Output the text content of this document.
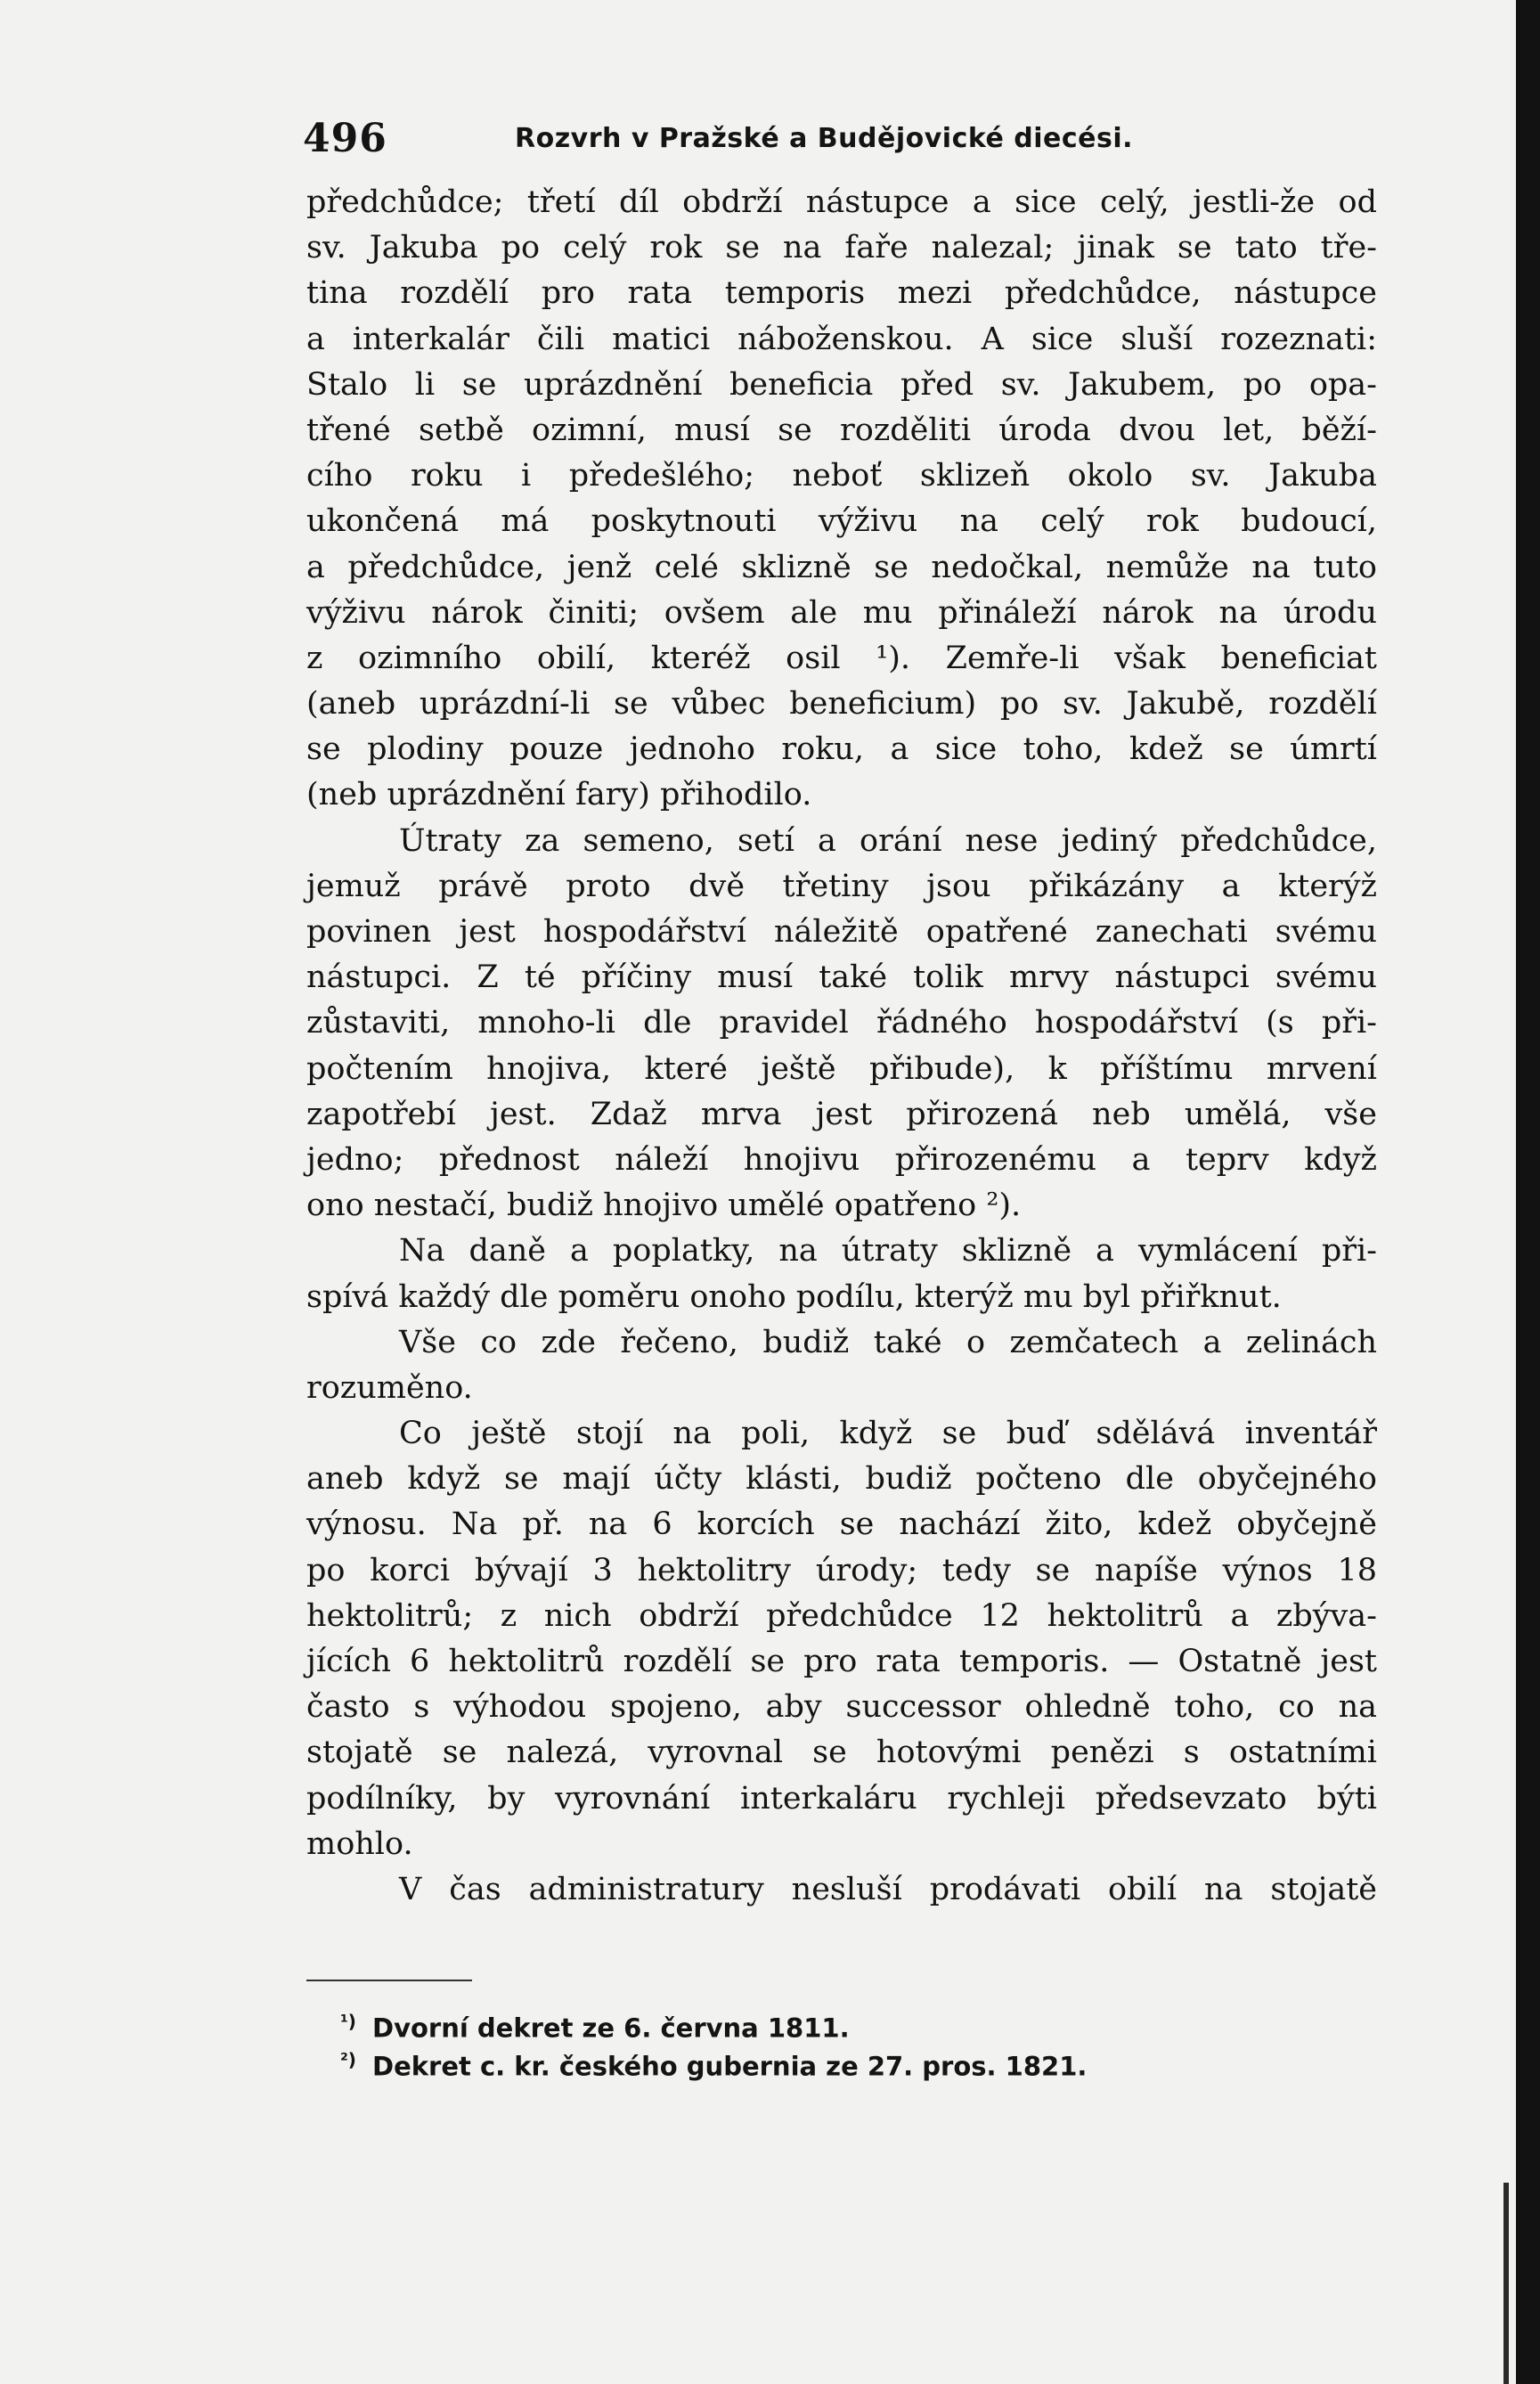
496	Rozvrh v Pražské a Budějovické diecési.
předchůdce; třetí díl obdrží nástupce a sice celý, jestli-že od
sv. Jakuba po celý rok se na faře nalezal; jinak se tato tře-
tina rozdělí pro rata temporis mezi předchůdce, nástupce
a interkalár čili matici náboženskou. A sice sluší rozeznati:
Stalo li se uprázdnění beneficia před sv. Jakubem, po opa-
třené setbě ozimní, musí se rozděliti úroda dvou let, běží-
cího roku i předešlého; neboť sklizeň okolo sv. Jakuba
ukončená má poskytnouti výživu na celý rok budoucí,
a předchůdce, jenž celé sklizně se nedočkal, nemůže na tuto
výživu nárok činiti; ovšem ale mu přináleží nárok na úrodu
z ozimního obilí, kteréž osil ¹). Zemře-li však beneficiat
(aneb uprázdní-li se vůbec beneficium) po sv. Jakubě, rozdělí
se plodiny pouze jednoho roku, a sice toho, kdež se úmrtí
(neb uprázdnění fary) přihodilo.
Útraty za semeno, setí a orání nese jediný předchůdce,
jemuž právě proto dvě třetiny jsou přikázány a kterýž
povinen jest hospodářství náležitě opatřené zanechati svému
nástupci. Z té příčiny musí také tolik mrvy nástupci svému
zůstaviti, mnoho-li dle pravidel řádného hospodářství (s při-
počtením hnojiva, které ještě přibude), k příštímu mrvení
zapotřebí jest. Zdaž mrva jest přirozená neb umělá, vše
jedno; přednost náleží hnojivu přirozenému a teprv když
ono nestačí, budiž hnojivo umělé opatřeno ²).
Na daně a poplatky, na útraty sklizně a vymlácení při-
spívá každý dle poměru onoho podílu, kterýž mu byl přiřknut.
Vše co zde řečeno, budiž také o zemčatech a zelinách
rozuměno.
Co ještě stojí na poli, když se buď sdělává inventář
aneb když se mají účty klásti, budiž počteno dle obyčejného
výnosu. Na př. na 6 korcích se nachází žito, kdež obyčejně
po korci bývají 3 hektolitry úrody; tedy se napíše výnos 18
hektolitrů; z nich obdrží předchůdce 12 hektolitrů a zbýva-
jících 6 hektolitrů rozdělí se pro rata temporis. — Ostatně jest
často s výhodou spojeno, aby successor ohledně toho, co na
stojatě se nalezá, vyrovnal se hotovými penězi s ostatními
podílníky, by vyrovnání interkaláru rychleji předsevzato býti
mohlo.
V čas administratury nesluší prodávati obilí na stojatě
$^{^1)}$ Dvorní dekret ze 6. června 1811.
$^{^2)}$ Dekret c. kr. českého gubernia ze 27. pros. 1821.
